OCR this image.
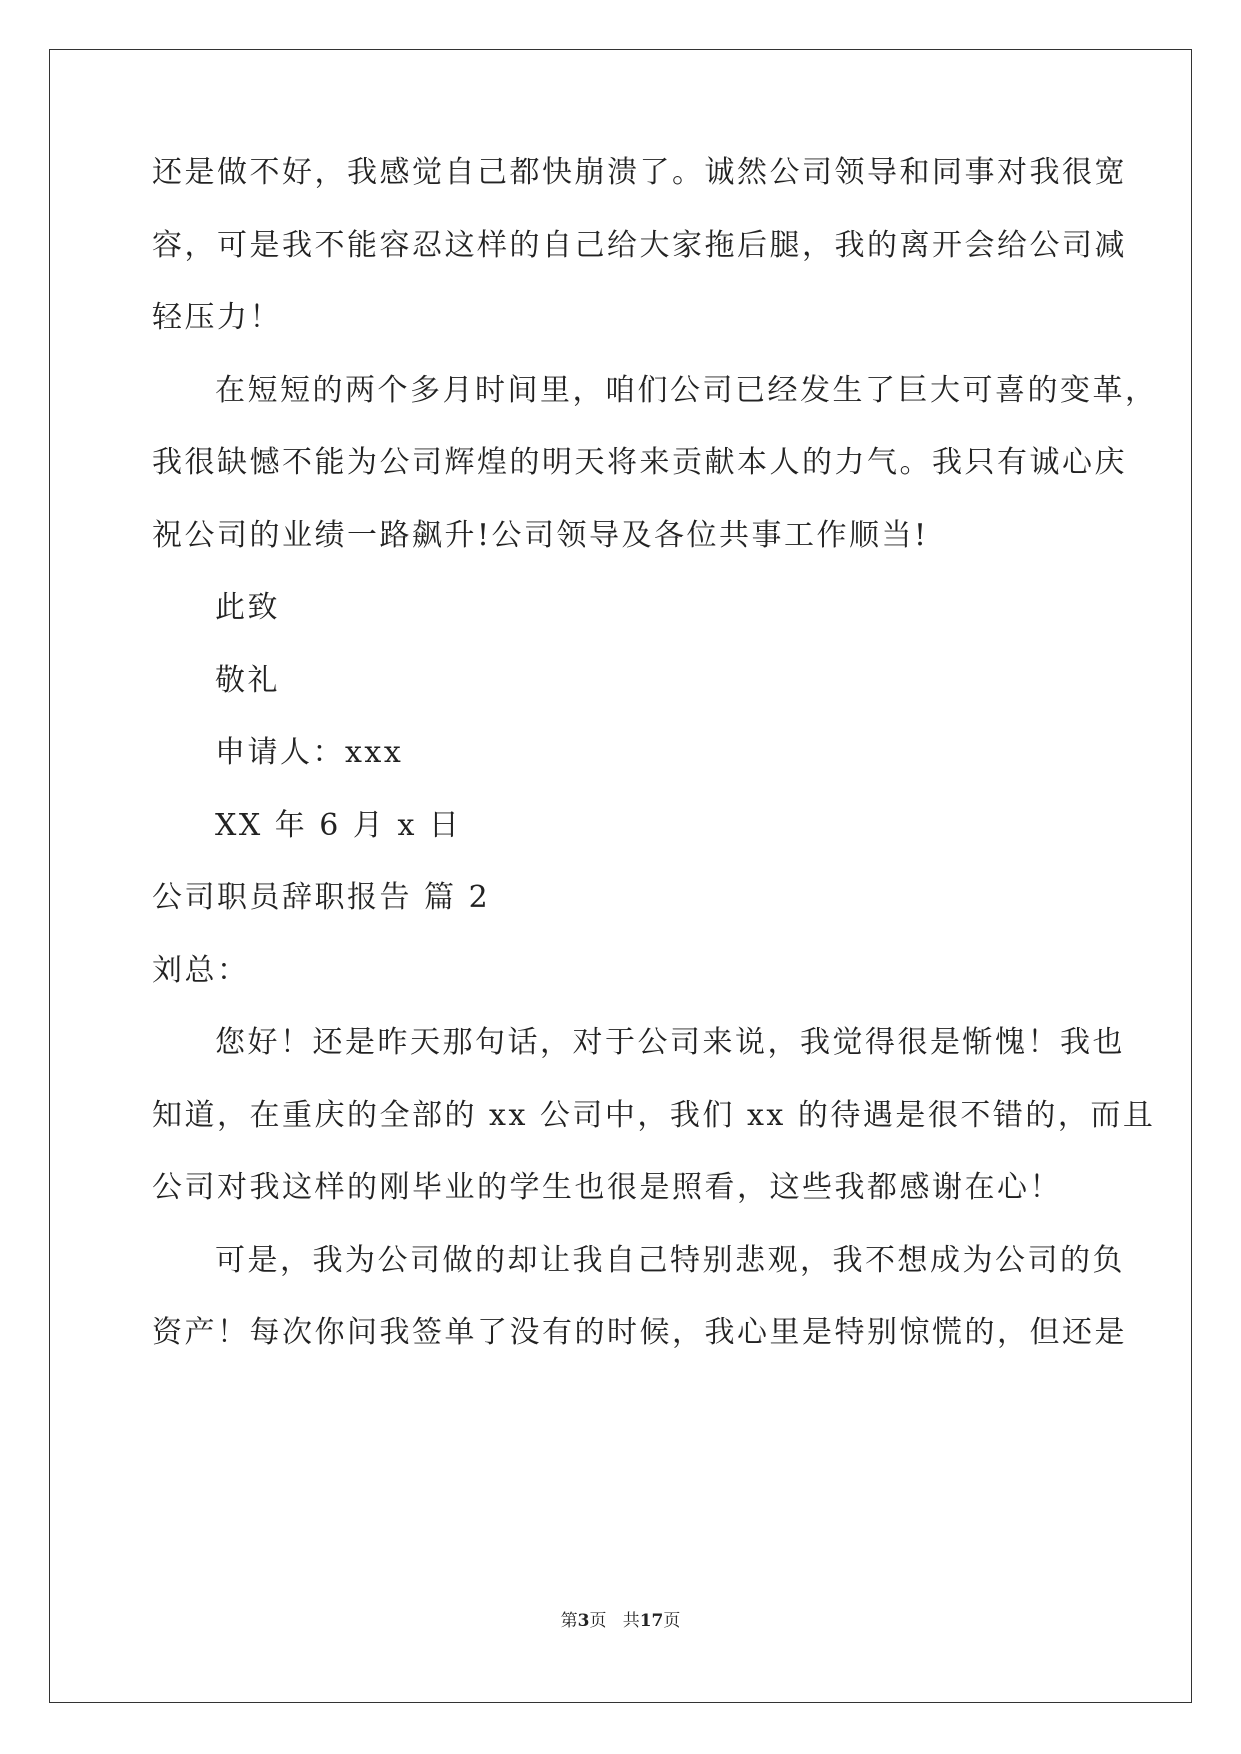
还是做不好，我感觉自己都快崩溃了。诚然公司领导和同事对我很宽

容，可是我不能容忍这样的自己给大家拖后腿，我的离开会给公司减

轻压力！

在短短的两个多月时间里，咱们公司已经发生了巨大可喜的变革，

我很缺憾不能为公司辉煌的明天将来贡献本人的力气。我只有诚心庆

祝公司的业绩一路飙升!公司领导及各位共事工作顺当!

此致

敬礼

申请人：xxx

XX 年 6 月 x 日

公司职员辞职报告 篇 2

刘总：

您好！还是昨天那句话，对于公司来说，我觉得很是惭愧！我也

知道，在重庆的全部的 xx 公司中，我们 xx 的待遇是很不错的，而且

公司对我这样的刚毕业的学生也很是照看，这些我都感谢在心！

可是，我为公司做的却让我自己特别悲观，我不想成为公司的负

资产！每次你问我签单了没有的时候，我心里是特别惊慌的，但还是

第3页 共17页
